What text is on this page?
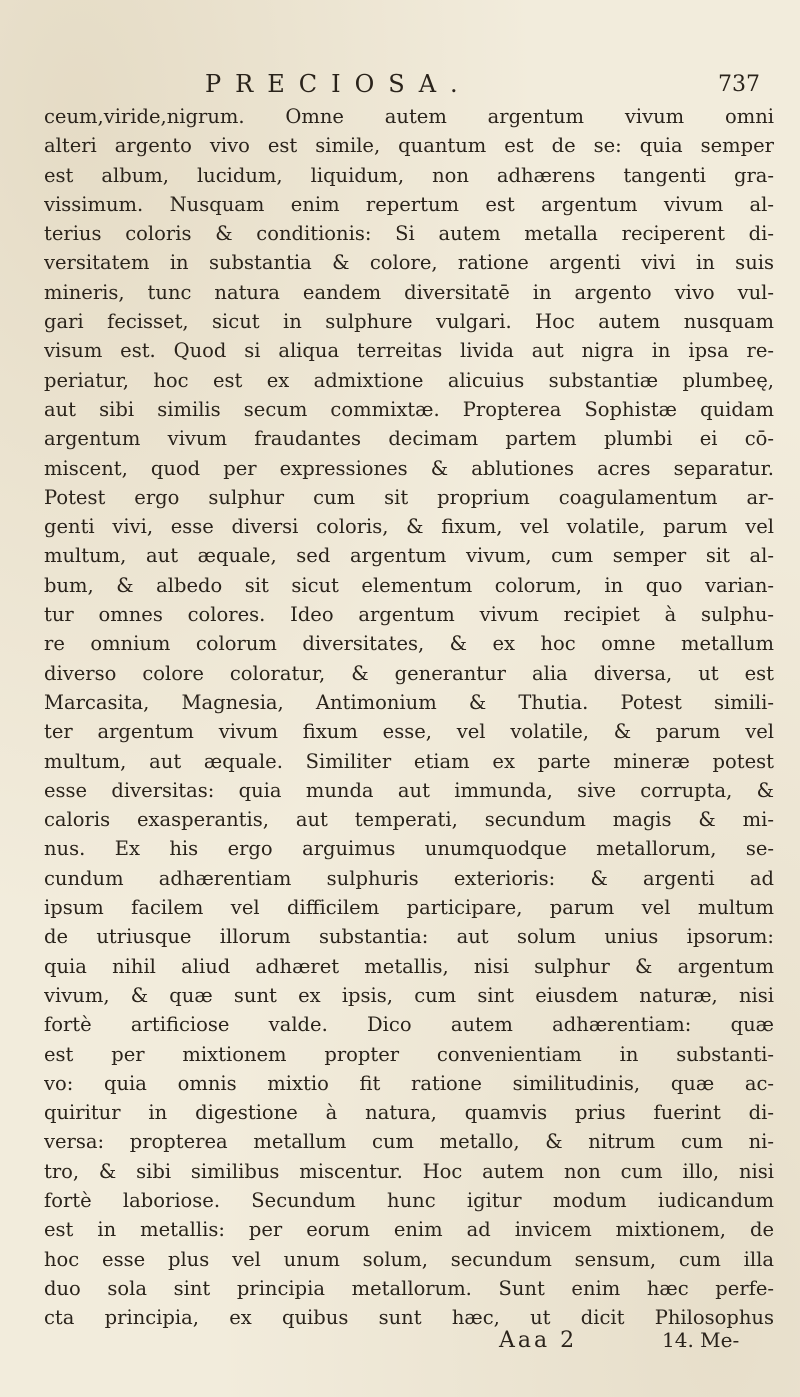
PRECIOSA.	737
ceum,viride,nigrum. Omne autem argentum vivum omni
alteri argento vivo est simile, quantum est de se: quia semper
est album, lucidum, liquidum, non adhærens tangenti gra-
vissimum. Nusquam enim repertum est argentum vivum al-
terius coloris & conditionis: Si autem metalla reciperent di-
versitatem in substantia & colore, ratione argenti vivi in suis
mineris, tunc natura eandem diversitatē in argento vivo vul-
gari fecisset, sicut in sulphure vulgari. Hoc autem nusquam
visum est. Quod si aliqua terreitas livida aut nigra in ipsa re-
periatur, hoc est ex admixtione alicuius substantiæ plumbeę,
aut sibi similis secum commixtæ. Propterea Sophistæ quidam
argentum vivum fraudantes decimam partem plumbi ei cō-
miscent, quod per expressiones & ablutiones acres separatur.
Potest ergo sulphur cum sit proprium coagulamentum ar-
genti vivi, esse diversi coloris, & fixum, vel volatile, parum vel
multum, aut æquale, sed argentum vivum, cum semper sit al-
bum, & albedo sit sicut elementum colorum, in quo varian-
tur omnes colores. Ideo argentum vivum recipiet à sulphu-
re omnium colorum diversitates, & ex hoc omne metallum
diverso colore coloratur, & generantur alia diversa, ut est
Marcasita, Magnesia, Antimonium & Thutia. Potest simili-
ter argentum vivum fixum esse, vel volatile, & parum vel
multum, aut æquale. Similiter etiam ex parte mineræ potest
esse diversitas: quia munda aut immunda, sive corrupta, &
caloris exasperantis, aut temperati, secundum magis & mi-
nus. Ex his ergo arguimus unumquodque metallorum, se-
cundum adhærentiam sulphuris exterioris: & argenti ad
ipsum facilem vel difficilem participare, parum vel multum
de utriusque illorum substantia: aut solum unius ipsorum:
quia nihil aliud adhæret metallis, nisi sulphur & argentum
vivum, & quæ sunt ex ipsis, cum sint eiusdem naturæ, nisi
fortè artificiose valde. Dico autem adhærentiam: quæ
est per mixtionem propter convenientiam in substanti-
vo: quia omnis mixtio fit ratione similitudinis, quæ ac-
quiritur in digestione à natura, quamvis prius fuerint di-
versa: propterea metallum cum metallo, & nitrum cum ni-
tro, & sibi similibus miscentur. Hoc autem non cum illo, nisi
fortè laboriose. Secundum hunc igitur modum iudicandum
est in metallis: per eorum enim ad invicem mixtionem, de
hoc esse plus vel unum solum, secundum sensum, cum illa
duo sola sint principia metallorum. Sunt enim hæc perfe-
cta principia, ex quibus sunt hæc, ut dicit Philosophus
Aaa 2	14. Me-
